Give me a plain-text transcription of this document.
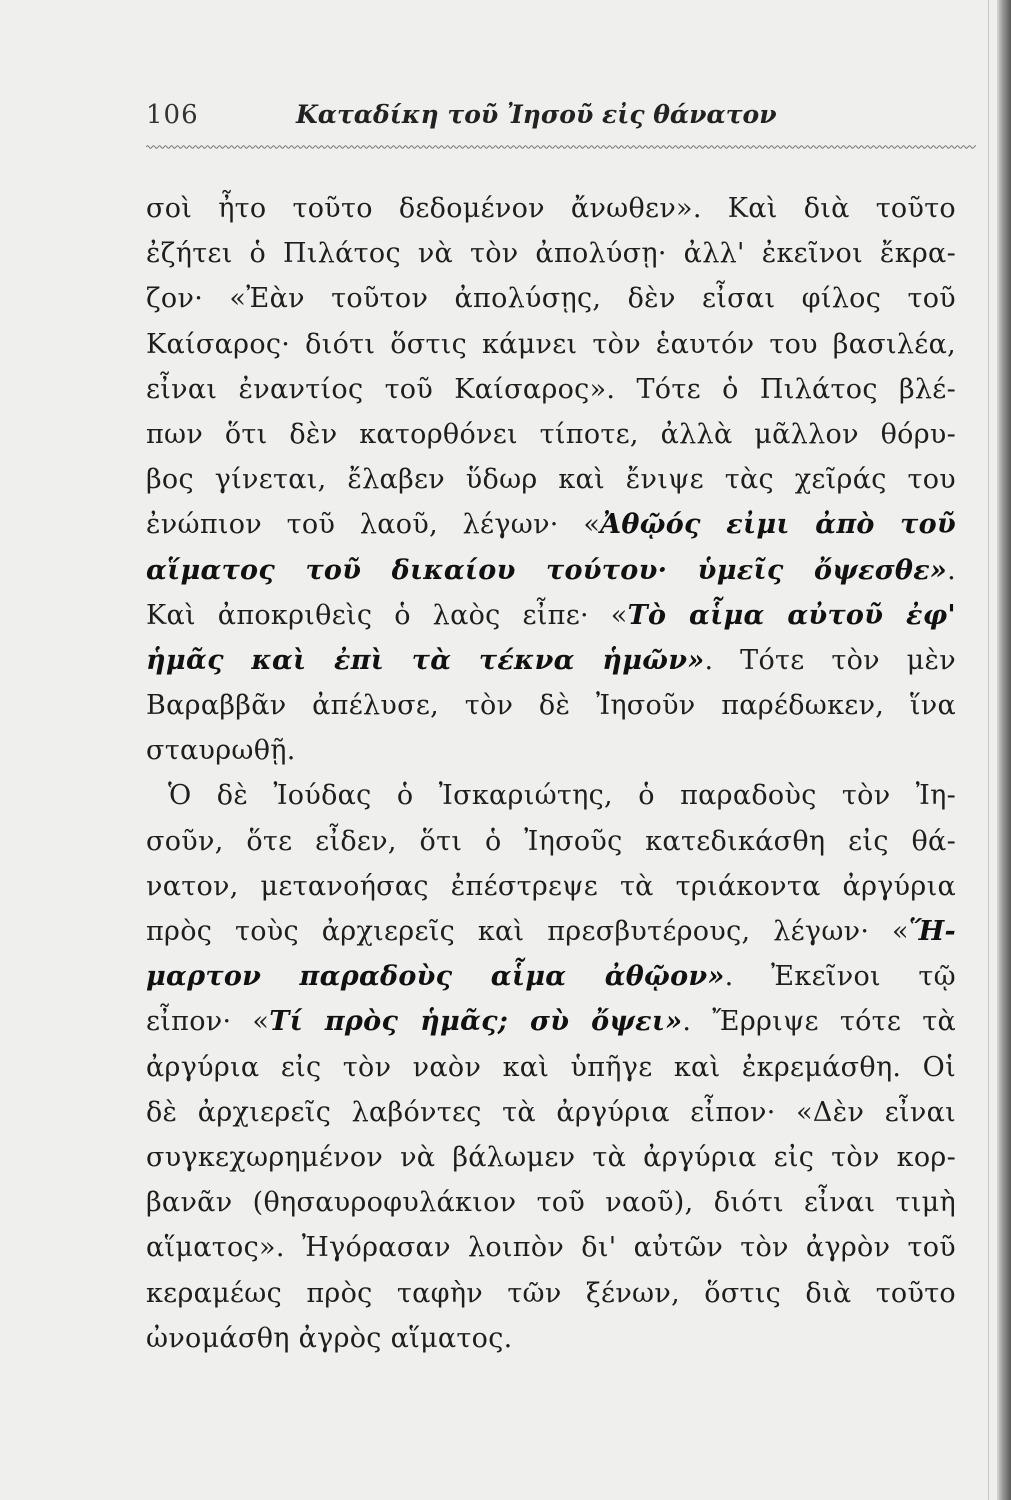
106	Καταδίκη τοῦ Ἰησοῦ εἰς θάνατον
σοὶ ἦτο τοῦτο δεδομένον ἄνωθεν». Καὶ διὰ τοῦτο
ἐζήτει ὁ Πιλάτος νὰ τὸν ἀπολύσῃ· ἀλλ' ἐκεῖνοι ἔκρα-
ζον· «Ἐὰν τοῦτον ἀπολύσῃς, δὲν εἶσαι φίλος τοῦ
Καίσαρος· διότι ὅστις κάμνει τὸν ἑαυτόν του βασιλέα,
εἶναι ἐναντίος τοῦ Καίσαρος». Τότε ὁ Πιλάτος βλέ-
πων ὅτι δὲν κατορθόνει τίποτε, ἀλλὰ μᾶλλον θόρυ-
βος γίνεται, ἔλαβεν ὕδωρ καὶ ἔνιψε τὰς χεῖράς του
ἐνώπιον τοῦ λαοῦ, λέγων· «Ἀθῷός εἰμι ἀπὸ τοῦ
αἵματος τοῦ δικαίου τούτου· ὑμεῖς ὄψεσθε».
Καὶ ἀποκριθεὶς ὁ λαὸς εἶπε· «Τὸ αἷμα αὐτοῦ ἐφ'
ἡμᾶς καὶ ἐπὶ τὰ τέκνα ἡμῶν». Τότε τὸν μὲν
Βαραββᾶν ἀπέλυσε, τὸν δὲ Ἰησοῦν παρέδωκεν, ἵνα
σταυρωθῇ.
Ὁ δὲ Ἰούδας ὁ Ἰσκαριώτης, ὁ παραδοὺς τὸν Ἰη-
σοῦν, ὅτε εἶδεν, ὅτι ὁ Ἰησοῦς κατεδικάσθη εἰς θά-
νατον, μετανοήσας ἐπέστρεψε τὰ τριάκοντα ἀργύρια
πρὸς τοὺς ἀρχιερεῖς καὶ πρεσβυτέρους, λέγων· «Ἥ-
μαρτον παραδοὺς αἷμα ἀθῷον». Ἐκεῖνοι τῷ
εἶπον· «Τί πρὸς ἡμᾶς; σὺ ὄψει». Ἔρριψε τότε τὰ
ἀργύρια εἰς τὸν ναὸν καὶ ὑπῆγε καὶ ἐκρεμάσθη. Οἱ
δὲ ἀρχιερεῖς λαβόντες τὰ ἀργύρια εἶπον· «Δὲν εἶναι
συγκεχωρημένον νὰ βάλωμεν τὰ ἀργύρια εἰς τὸν κορ-
βανᾶν (θησαυροφυλάκιον τοῦ ναοῦ), διότι εἶναι τιμὴ
αἵματος». Ἠγόρασαν λοιπὸν δι' αὐτῶν τὸν ἀγρὸν τοῦ
κεραμέως πρὸς ταφὴν τῶν ξένων, ὅστις διὰ τοῦτο
ὠνομάσθη ἀγρὸς αἵματος.
